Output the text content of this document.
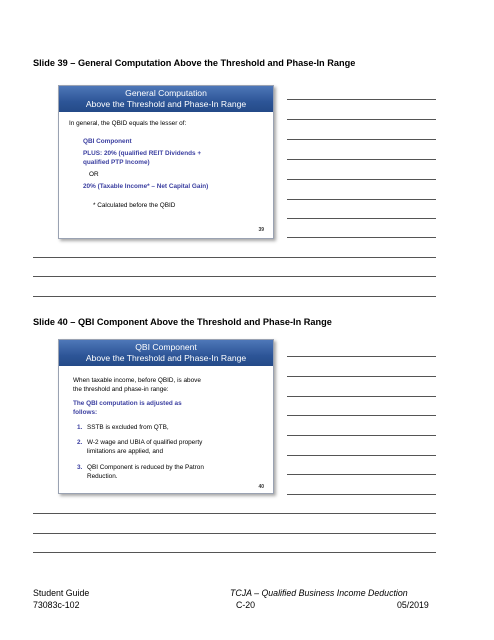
Slide 39 – General Computation Above the Threshold and Phase-In Range
General Computation
Above the Threshold and Phase-In Range
In general, the QBID equals the lesser of:
QBI Component
PLUS: 20% (qualified REIT Dividends +
qualified PTP Income)
OR
20% (Taxable Income* – Net Capital Gain)
* Calculated before the QBID
39
Slide 40 – QBI Component Above the Threshold and Phase-In Range
QBI Component
Above the Threshold and Phase-In Range
When taxable income, before QBID, is above
the threshold and phase-in range:
The QBI computation is adjusted as
follows:
1. SSTB is excluded from QTB,
2. W-2 wage and UBIA of qualified property
limitations are applied, and
3. QBI Component is reduced by the Patron
Reduction.
40
Student Guide
73083c-102
TCJA – Qualified Business Income Deduction
C-20	05/2019
